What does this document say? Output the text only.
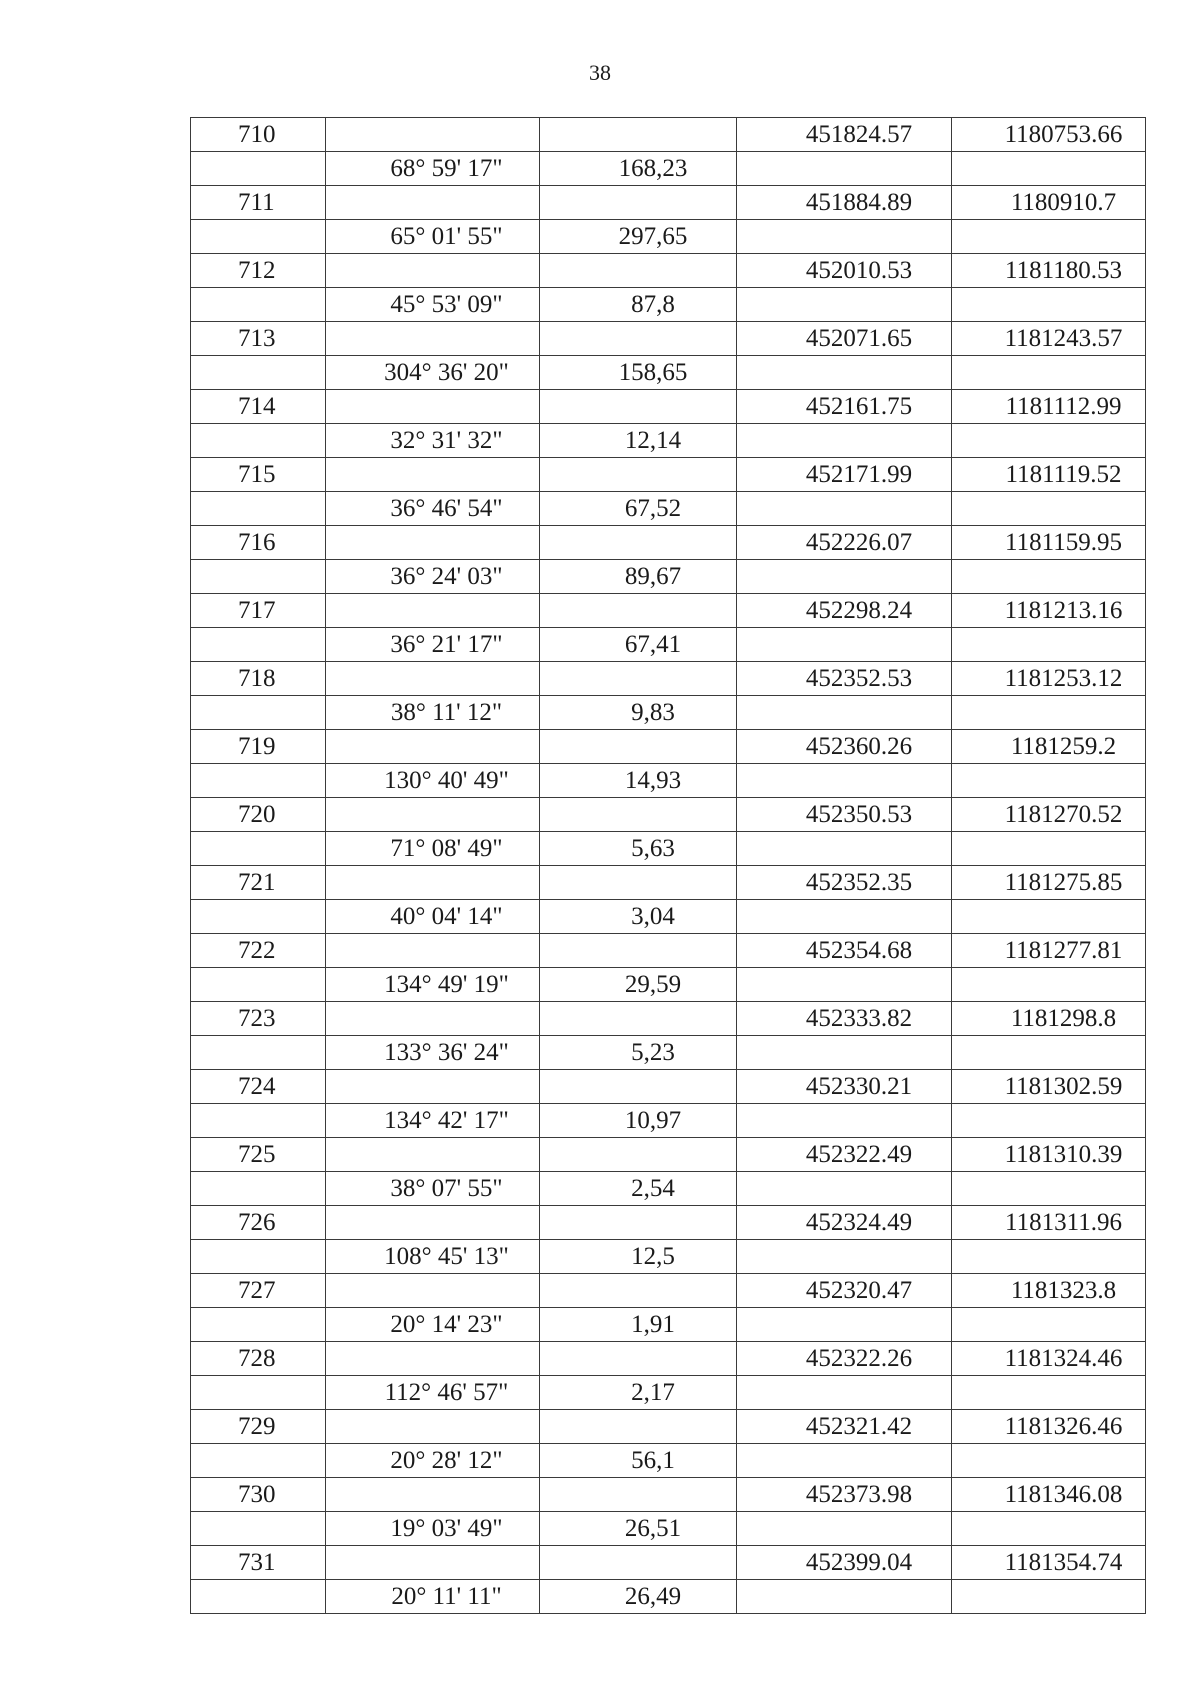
38
710			451824.57	1180753.66
	68° 59' 17"	168,23		
711			451884.89	1180910.7
	65° 01' 55"	297,65		
712			452010.53	1181180.53
	45° 53' 09"	87,8		
713			452071.65	1181243.57
	304° 36' 20"	158,65		
714			452161.75	1181112.99
	32° 31' 32"	12,14		
715			452171.99	1181119.52
	36° 46' 54"	67,52		
716			452226.07	1181159.95
	36° 24' 03"	89,67		
717			452298.24	1181213.16
	36° 21' 17"	67,41		
718			452352.53	1181253.12
	38° 11' 12"	9,83		
719			452360.26	1181259.2
	130° 40' 49"	14,93		
720			452350.53	1181270.52
	71° 08' 49"	5,63		
721			452352.35	1181275.85
	40° 04' 14"	3,04		
722			452354.68	1181277.81
	134° 49' 19"	29,59		
723			452333.82	1181298.8
	133° 36' 24"	5,23		
724			452330.21	1181302.59
	134° 42' 17"	10,97		
725			452322.49	1181310.39
	38° 07' 55"	2,54		
726			452324.49	1181311.96
	108° 45' 13"	12,5		
727			452320.47	1181323.8
	20° 14' 23"	1,91		
728			452322.26	1181324.46
	112° 46' 57"	2,17		
729			452321.42	1181326.46
	20° 28' 12"	56,1		
730			452373.98	1181346.08
	19° 03' 49"	26,51		
731			452399.04	1181354.74
	20° 11' 11"	26,49		
